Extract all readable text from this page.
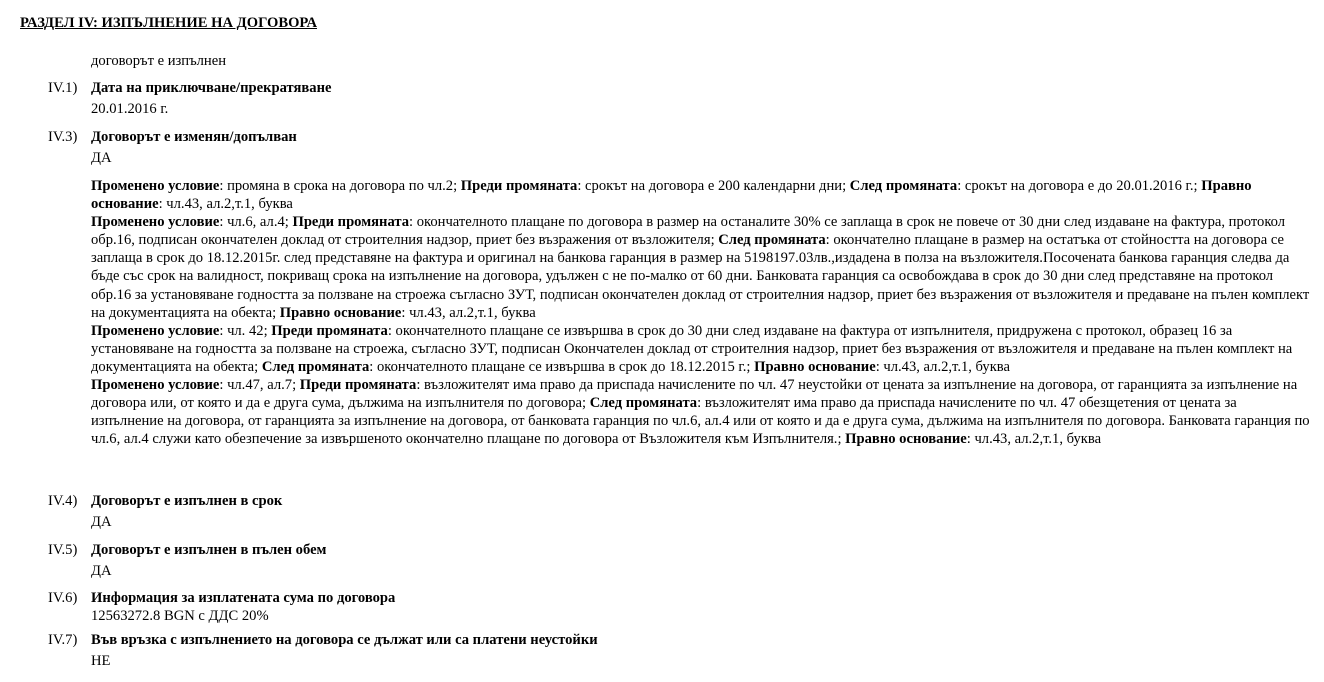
РАЗДЕЛ IV: ИЗПЪЛНЕНИЕ НА ДОГОВОРА
договорът е изпълнен
IV.1) Дата на приключване/прекратяване
20.01.2016 г.
IV.3) Договорът е изменян/допълван
ДА

Променено условие: промяна в срока на договора по чл.2; Преди промяната: срокът на договора е 200 календарни дни; След промяната: срокът на договора е до 20.01.2016 г.; Правно основание: чл.43, ал.2,т.1, буква

Променено условие: чл.6, ал.4; Преди промяната: окончателното плащане по договора в размер на останалите 30% се заплаща в срок не повече от 30 дни след издаване на фактура, протокол обр.16, подписан окончателен доклад от строителния надзор, приет без възражения от възложителя; След промяната: окончателно плащане в размер на остатъка от стойността на договора се заплаща в срок до 18.12.2015г. след представяне на фактура и оригинал на банкова гаранция в размер на 5198197.03лв.,издадена в полза на възложителя.Посочената банкова гаранция следва да бъде със срок на валидност, покриващ срока на изпълнение на договора, удължен с не по-малко от 60 дни. Банковата гаранция са освобождава в срок до 30 дни след представяне на протокол обр.16 за установяване годността за ползване на строежа съгласно ЗУТ, подписан окончателен доклад от строителния надзор, приет без възражения от възложителя и предаване на пълен комплект на документацията на обекта; Правно основание: чл.43, ал.2,т.1, буква

Променено условие: чл. 42; Преди промяната: окончателното плащане се извършва в срок до 30 дни след издаване на фактура от изпълнителя, придружена с протокол, образец 16 за установяване на годността за ползване на строежа, съгласно ЗУТ, подписан Окончателен доклад от строителния надзор, приет без възражения от възложителя и предаване на пълен комплект на документацията на обекта; След промяната: окончателното плащане се извършва в срок до 18.12.2015 г.; Правно основание: чл.43, ал.2,т.1, буква

Променено условие: чл.47, ал.7; Преди промяната: възложителят има право да приспада начислените по чл. 47 неустойки от цената за изпълнение на договора, от гаранцията за изпълнение на договора или, от която и да е друга сума, дължима на изпълнителя по договора; След промяната: възложителят има право да приспада начислените по чл. 47 обезщетения от цената за изпълнение на договора, от гаранцията за изпълнение на договора, от банковата гаранция по чл.6, ал.4 или от която и да е друга сума, дължима на изпълнителя по договора. Банковата гаранция по чл.6, ал.4 служи като обезпечение за извършеното окончателно плащане по договора от Възложителя към Изпълнителя.; Правно основание: чл.43, ал.2,т.1, буква

IV.4) Договорът е изпълнен в срок
ДА
IV.5) Договорът е изпълнен в пълен обем
ДА
IV.6) Информация за изплатената сума по договора
12563272.8 BGN с ДДС 20%
IV.7) Във връзка с изпълнението на договора се дължат или са платени неустойки
НЕ
